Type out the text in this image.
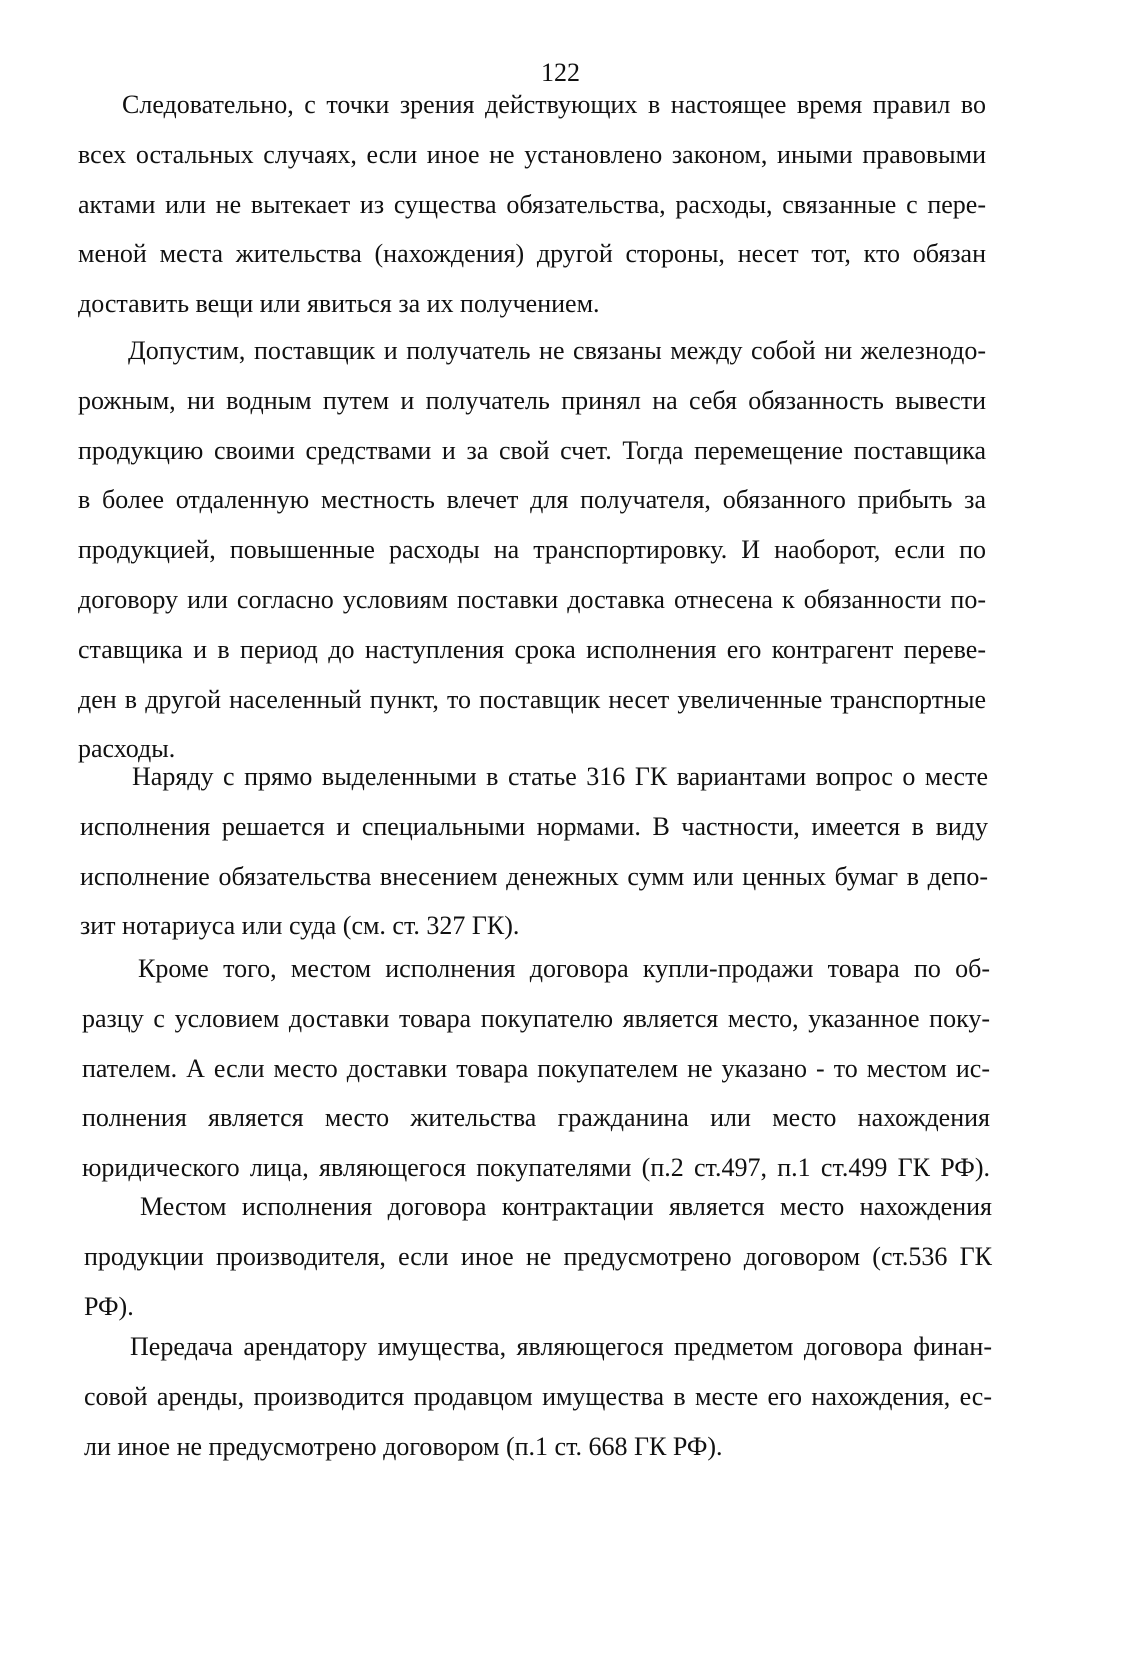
122
Следовательно, с точки зрения действующих в настоящее время правил во
всех остальных случаях, если иное не установлено законом, иными правовыми
актами или не вытекает из существа обязательства, расходы, связанные с пере-
меной места жительства (нахождения) другой стороны, несет тот, кто обязан
доставить вещи или явиться за их получением.
Допустим, поставщик и получатель не связаны между собой ни железнодо-
рожным, ни водным путем и получатель принял на себя обязанность вывести
продукцию своими средствами и за свой счет. Тогда перемещение поставщика
в более отдаленную местность влечет для получателя, обязанного прибыть за
продукцией, повышенные расходы на транспортировку. И наоборот, если по
договору или согласно условиям поставки доставка отнесена к обязанности по-
ставщика и в период до наступления срока исполнения его контрагент переве-
ден в другой населенный пункт, то поставщик несет увеличенные транспортные
расходы.
Наряду с прямо выделенными в статье 316 ГК вариантами вопрос о месте
исполнения решается и специальными нормами. В частности, имеется в виду
исполнение обязательства внесением денежных сумм или ценных бумаг в депо-
зит нотариуса или суда (см. ст. 327 ГК).
Кроме того, местом исполнения договора купли-продажи товара по об-
разцу с условием доставки товара покупателю является место, указанное поку-
пателем. А если место доставки товара покупателем не указано - то местом ис-
полнения является место жительства гражданина или место нахождения
юридического лица, являющегося покупателями (п.2 ст.497, п.1 ст.499 ГК РФ).
Местом исполнения договора контрактации является место нахождения
продукции производителя, если иное не предусмотрено договором (ст.536 ГК
РФ).
Передача арендатору имущества, являющегося предметом договора финан-
совой аренды, производится продавцом имущества в месте его нахождения, ес-
ли иное не предусмотрено договором (п.1 ст. 668 ГК РФ).
